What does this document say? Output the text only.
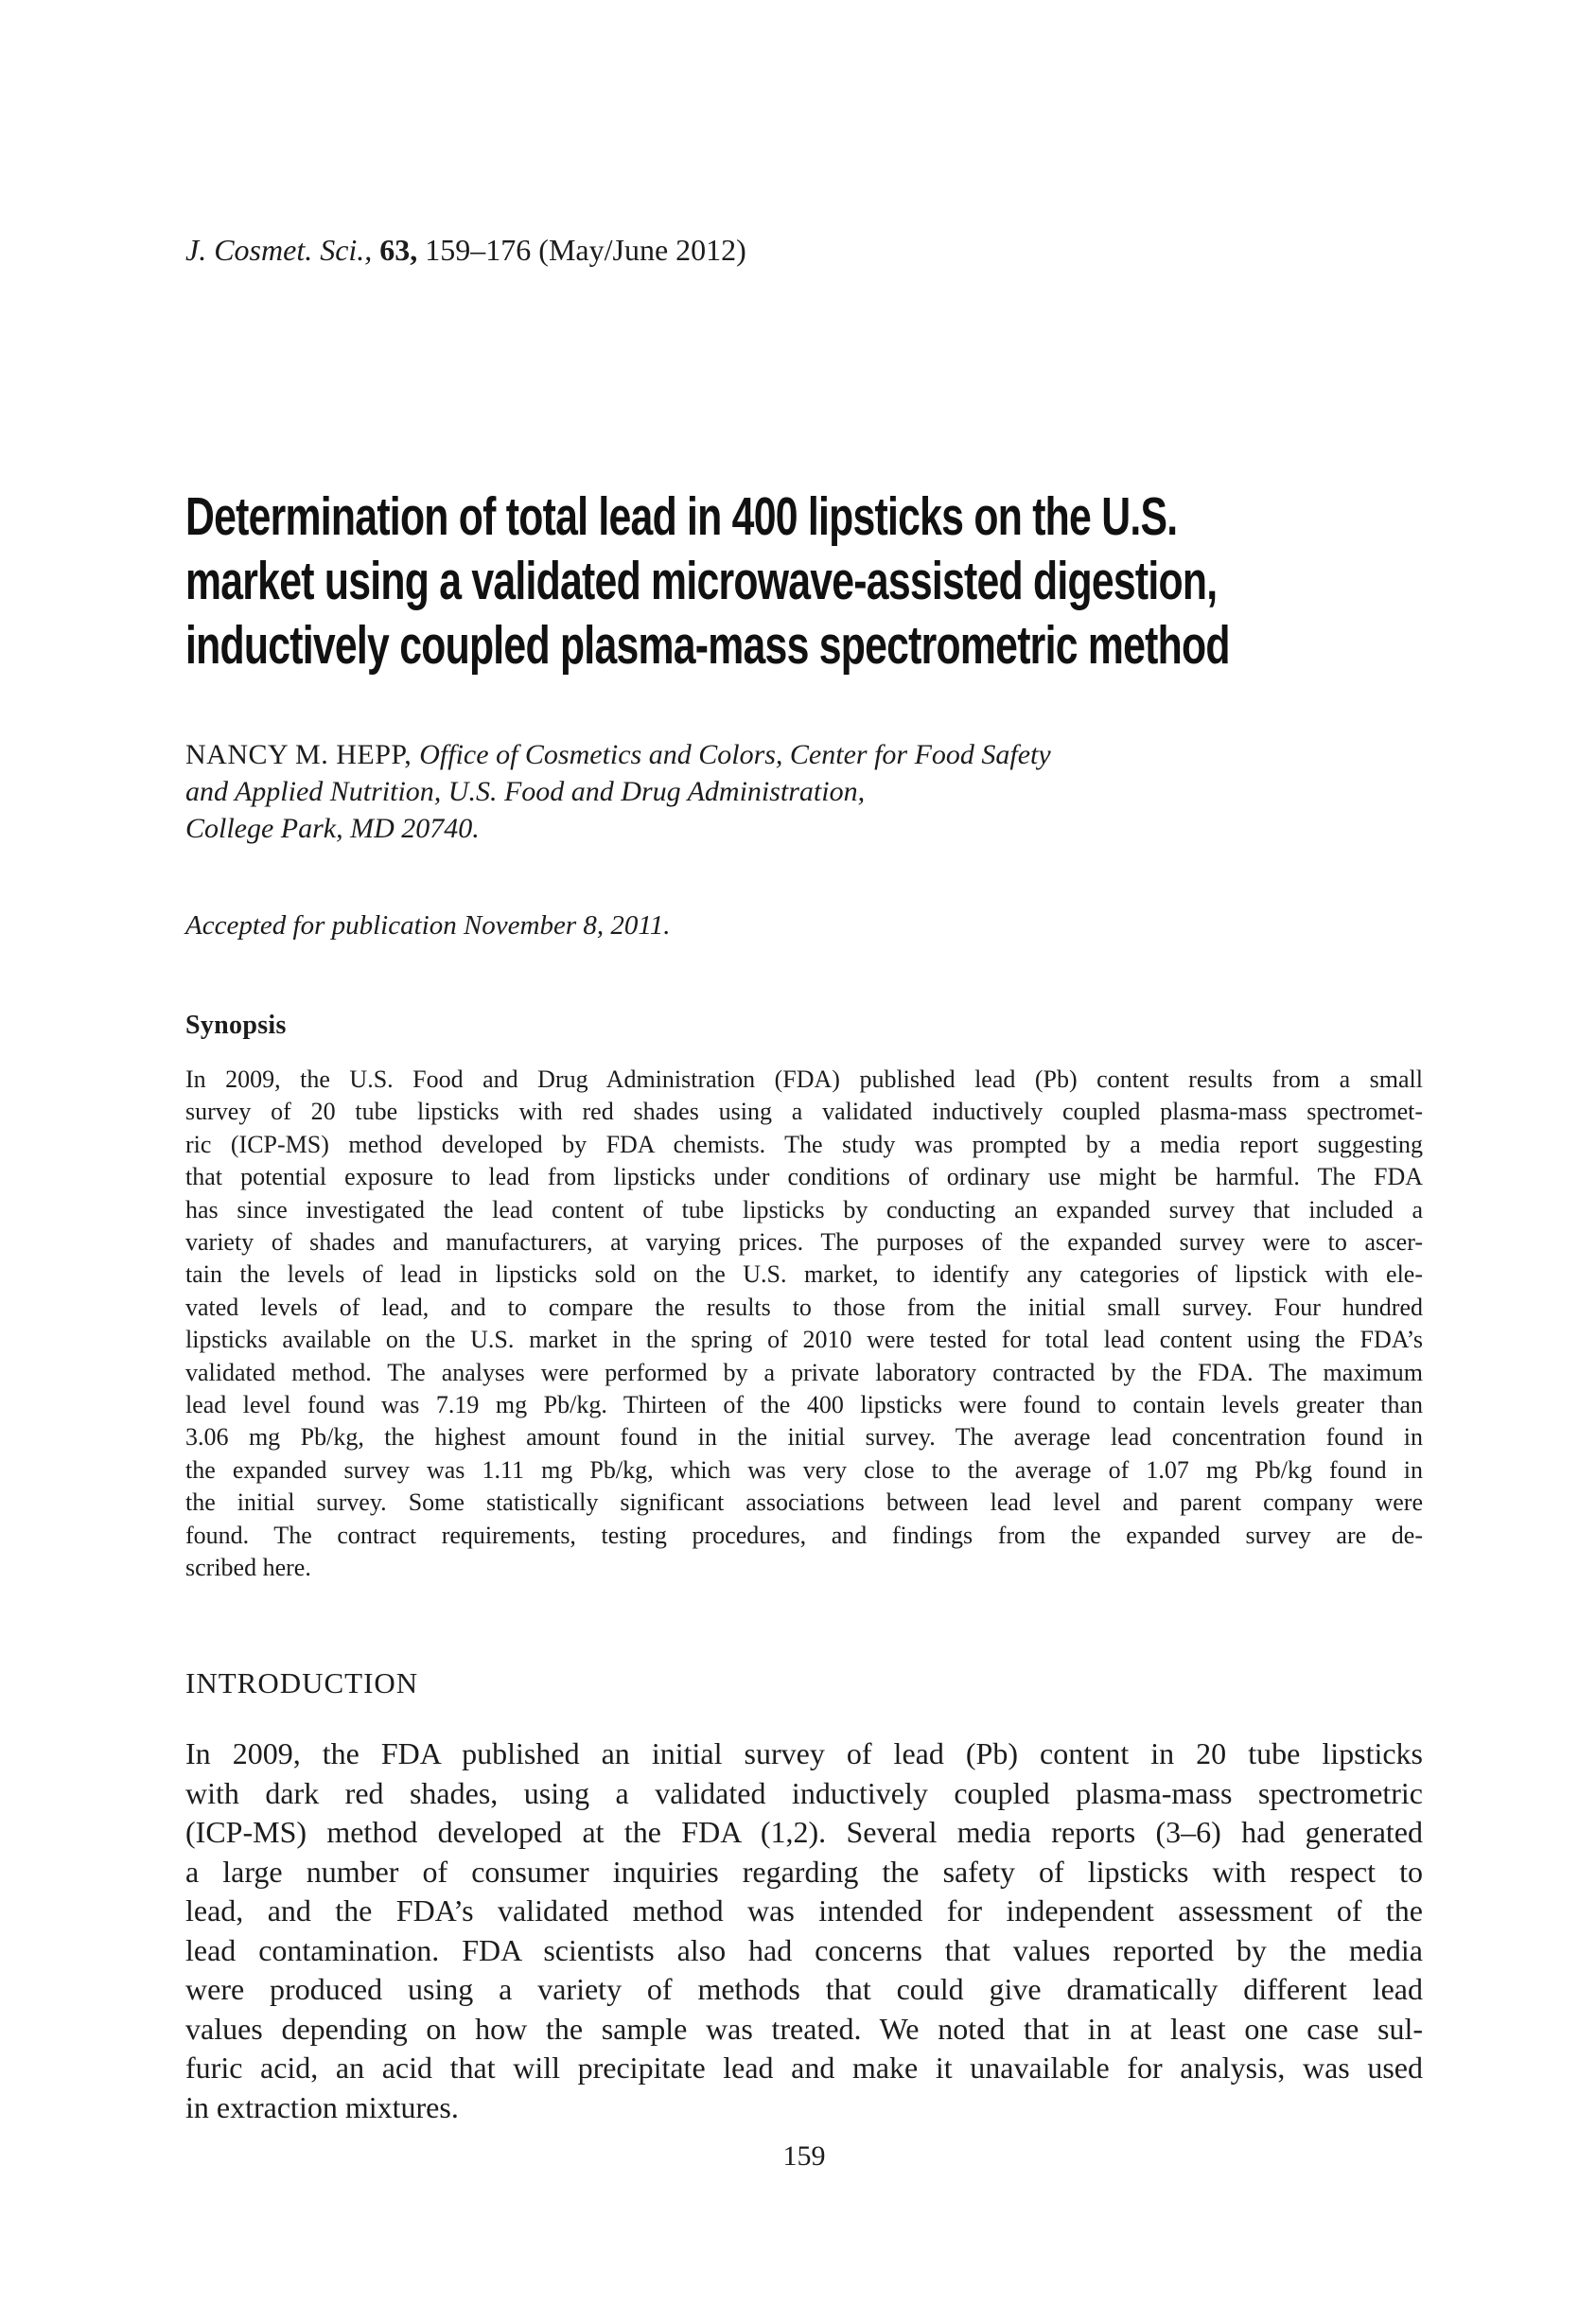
J. Cosmet. Sci., 63, 159–176 (May/June 2012)
Determination of total lead in 400 lipsticks on the U.S.
market using a validated microwave-assisted digestion,
inductively coupled plasma-mass spectrometric method
NANCY M. HEPP, Office of Cosmetics and Colors, Center for Food Safety
and Applied Nutrition, U.S. Food and Drug Administration,
College Park, MD 20740.
Accepted for publication November 8, 2011.
Synopsis
In 2009, the U.S. Food and Drug Administration (FDA) published lead (Pb) content results from a small
survey of 20 tube lipsticks with red shades using a validated inductively coupled plasma-mass spectromet-
ric (ICP-MS) method developed by FDA chemists. The study was prompted by a media report suggesting
that potential exposure to lead from lipsticks under conditions of ordinary use might be harmful. The FDA
has since investigated the lead content of tube lipsticks by conducting an expanded survey that included a
variety of shades and manufacturers, at varying prices. The purposes of the expanded survey were to ascer-
tain the levels of lead in lipsticks sold on the U.S. market, to identify any categories of lipstick with ele-
vated levels of lead, and to compare the results to those from the initial small survey. Four hundred
lipsticks available on the U.S. market in the spring of 2010 were tested for total lead content using the FDA’s
validated method. The analyses were performed by a private laboratory contracted by the FDA. The maximum
lead level found was 7.19 mg Pb/kg. Thirteen of the 400 lipsticks were found to contain levels greater than
3.06 mg Pb/kg, the highest amount found in the initial survey. The average lead concentration found in
the expanded survey was 1.11 mg Pb/kg, which was very close to the average of 1.07 mg Pb/kg found in
the initial survey. Some statistically significant associations between lead level and parent company were
found. The contract requirements, testing procedures, and findings from the expanded survey are de-
scribed here.
INTRODUCTION
In 2009, the FDA published an initial survey of lead (Pb) content in 20 tube lipsticks
with dark red shades, using a validated inductively coupled plasma-mass spectrometric
(ICP-MS) method developed at the FDA (1,2). Several media reports (3–6) had generated
a large number of consumer inquiries regarding the safety of lipsticks with respect to
lead, and the FDA’s validated method was intended for independent assessment of the
lead contamination. FDA scientists also had concerns that values reported by the media
were produced using a variety of methods that could give dramatically different lead
values depending on how the sample was treated. We noted that in at least one case sul-
furic acid, an acid that will precipitate lead and make it unavailable for analysis, was used
in extraction mixtures.
159
